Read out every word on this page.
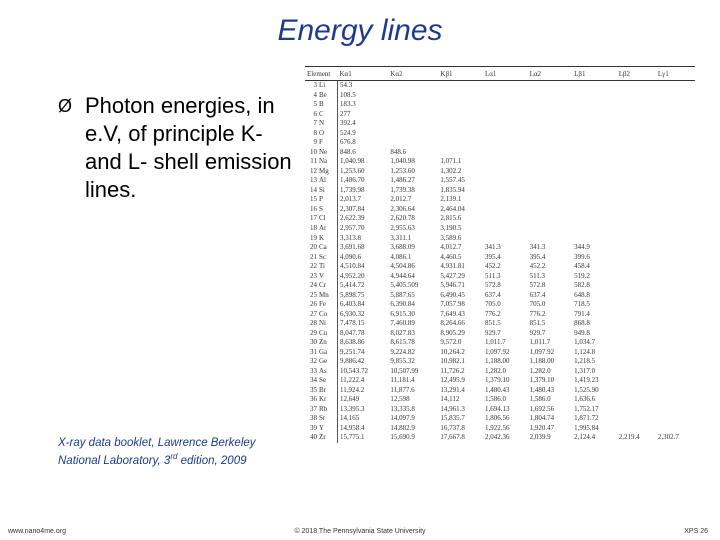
Energy lines
Ø Photon energies, in e.V, of principle K- and L- shell emission lines.
X-ray data booklet, Lawrence Berkeley National Laboratory, 3rd edition, 2009
Element		Kα1	Kα2	Kβ1	Lα1	Lα2	Lβ1	Lβ2	Lγ1
3	Li	54.3							
4	Be	108.5							
5	B	183.3							
6	C	277							
7	N	392.4							
8	O	524.9							
9	F	676.8							
10	Ne	848.6	848.6						
11	Na	1,040.98	1,040.98	1,071.1					
12	Mg	1,253.60	1,253.60	1,302.2					
13	Al	1,486.70	1,486.27	1,557.45					
14	Si	1,739.98	1,739.38	1,835.94					
15	P	2,013.7	2,012.7	2,139.1					
16	S	2,307.84	2,306.64	2,464.04					
17	Cl	2,622.39	2,620.78	2,815.6					
18	Ar	2,957.70	2,955.63	3,190.5					
19	K	3,313.8	3,311.1	3,589.6					
20	Ca	3,691.68	3,688.09	4,012.7	341.3	341.3	344.9		
21	Sc	4,090.6	4,086.1	4,460.5	395.4	395.4	399.6		
22	Ti	4,510.84	4,504.86	4,931.81	452.2	452.2	458.4		
23	V	4,952.20	4,944.64	5,427.29	511.3	511.3	519.2		
24	Cr	5,414.72	5,405.509	5,946.71	572.8	572.8	582.8		
25	Mn	5,898.75	5,887.65	6,490.45	637.4	637.4	648.8		
26	Fe	6,403.84	6,390.84	7,057.98	705.0	705.0	718.5		
27	Co	6,930.32	6,915.30	7,649.43	776.2	776.2	791.4		
28	Ni	7,478.15	7,460.89	8,264.66	851.5	851.5	868.8		
29	Cu	8,047.78	8,027.83	8,905.29	929.7	929.7	949.8		
30	Zn	8,638.86	8,615.78	9,572.0	1,011.7	1,011.7	1,034.7		
31	Ga	9,251.74	9,224.82	10,264.2	1,097.92	1,097.92	1,124.8		
32	Ge	9,886.42	9,855.32	10,982.1	1,188.00	1,188.00	1,218.5		
33	As	10,543.72	10,507.99	11,726.2	1,282.0	1,282.0	1,317.0		
34	Se	11,222.4	11,181.4	12,495.9	1,379.10	1,379.10	1,419.23		
35	Br	11,924.2	11,877.6	13,291.4	1,480.43	1,480.43	1,525.90		
36	Kr	12,649	12,598	14,112	1,586.0	1,586.0	1,636.6		
37	Rb	13,395.3	13,335.8	14,961.3	1,694.13	1,692.56	1,752.17		
38	Sr	14,165	14,097.9	15,835.7	1,806.56	1,804.74	1,871.72		
39	Y	14,958.4	14,882.9	16,737.8	1,922.56	1,920.47	1,995.84		
40	Zr	15,775.1	15,690.9	17,667.8	2,042.36	2,039.9	2,124.4	2,219.4	2,302.7
www.nano4me.org	© 2018 The Pennsylvania State University	XPS 26
